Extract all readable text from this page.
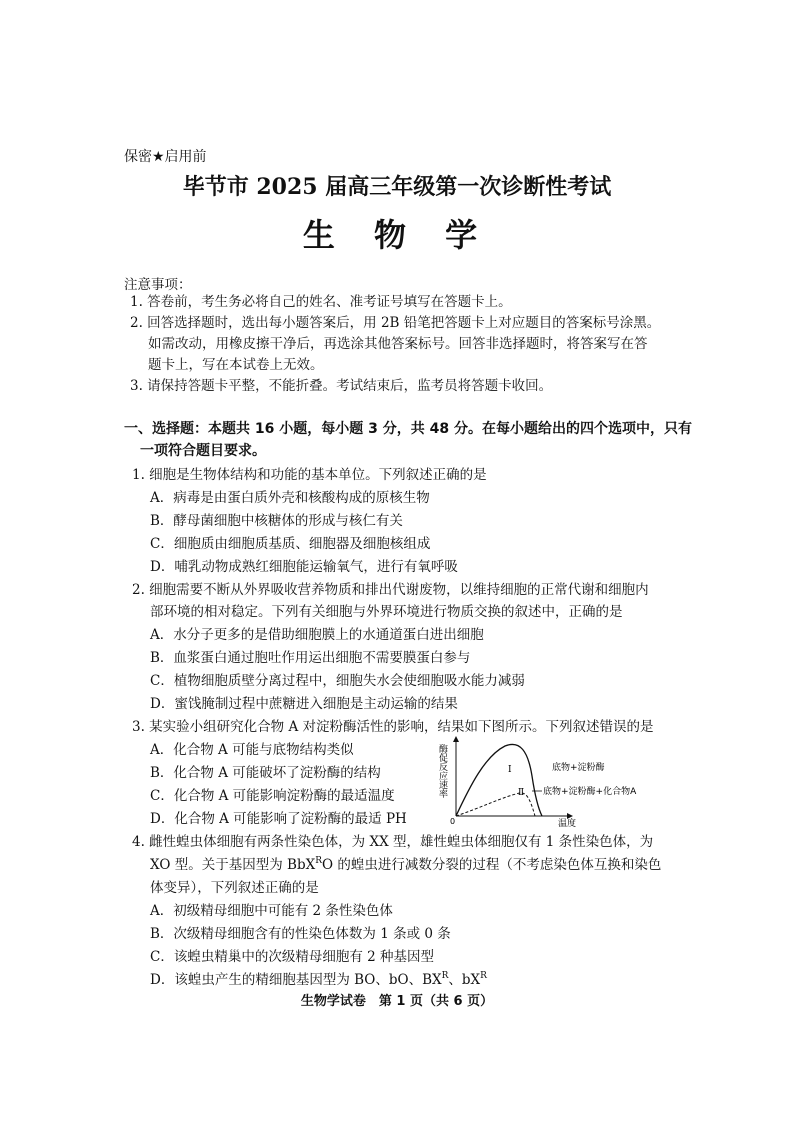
保密★启用前
毕节市 2025 届高三年级第一次诊断性考试
生 物 学
注意事项：
1. 答卷前，考生务必将自己的姓名、准考证号填写在答题卡上。
2. 回答选择题时，选出每小题答案后，用 2B 铅笔把答题卡上对应题目的答案标号涂黑。
如需改动，用橡皮擦干净后，再选涂其他答案标号。回答非选择题时，将答案写在答
题卡上，写在本试卷上无效。
3. 请保持答题卡平整，不能折叠。考试结束后，监考员将答题卡收回。
一、选择题：本题共 16 小题，每小题 3 分，共 48 分。在每小题给出的四个选项中，只有
一项符合题目要求。
1. 细胞是生物体结构和功能的基本单位。下列叙述正确的是
A．病毒是由蛋白质外壳和核酸构成的原核生物
B．酵母菌细胞中核糖体的形成与核仁有关
C．细胞质由细胞质基质、细胞器及细胞核组成
D．哺乳动物成熟红细胞能运输氧气，进行有氧呼吸
2. 细胞需要不断从外界吸收营养物质和排出代谢废物，以维持细胞的正常代谢和细胞内
部环境的相对稳定。下列有关细胞与外界环境进行物质交换的叙述中，正确的是
A．水分子更多的是借助细胞膜上的水通道蛋白进出细胞
B．血浆蛋白通过胞吐作用运出细胞不需要膜蛋白参与
C．植物细胞质壁分离过程中，细胞失水会使细胞吸水能力减弱
D．蜜饯腌制过程中蔗糖进入细胞是主动运输的结果
3. 某实验小组研究化合物 A 对淀粉酶活性的影响，结果如下图所示。下列叙述错误的是
A．化合物 A 可能与底物结构类似
B．化合物 A 可能破坏了淀粉酶的结构
C．化合物 A 可能影响淀粉酶的最适温度
D．化合物 A 可能影响了淀粉酶的最适 PH
酶促反应速率
0	温度
Ⅰ
Ⅱ
底物+淀粉酶
底物+淀粉酶+化合物A
4. 雌性蝗虫体细胞有两条性染色体，为 XX 型，雄性蝗虫体细胞仅有 1 条性染色体，为
XO 型。关于基因型为 BbX$^R$O 的蝗虫进行减数分裂的过程（不考虑染色体互换和染色
体变异），下列叙述正确的是
A．初级精母细胞中可能有 2 条性染色体
B．次级精母细胞含有的性染色体数为 1 条或 0 条
C．该蝗虫精巢中的次级精母细胞有 2 种基因型
D．该蝗虫产生的精细胞基因型为 BO、bO、$BX^R$、$bX^R$
生物学试卷　第 1 页（共 6 页）
